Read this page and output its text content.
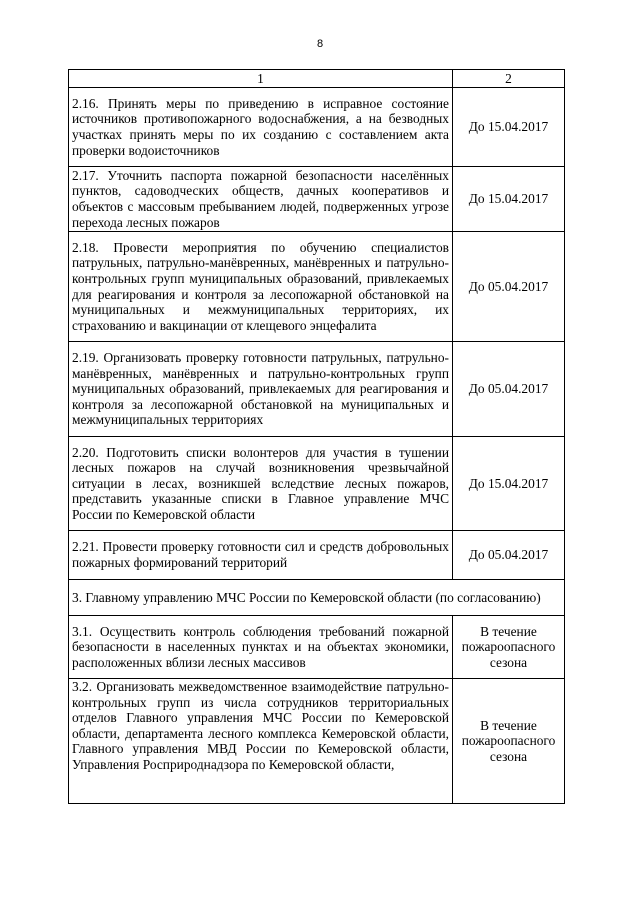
8
1	2
2.16. Принять меры по приведению в исправное состояние источников противопожарного водоснабжения, а на безводных участках принять меры по их созданию с составлением акта проверки водоисточников	До 15.04.2017
2.17. Уточнить паспорта пожарной безопасности населённых пунктов, садоводческих обществ, дачных кооперативов и объектов с массовым пребыванием людей, подверженных угрозе перехода лесных пожаров	До 15.04.2017
2.18. Провести мероприятия по обучению специалистов патрульных, патрульно-манёвренных, манёвренных и патрульно-контрольных групп муниципальных образований, привлекаемых для реагирования и контроля за лесопожарной обстановкой на муниципальных и межмуниципальных территориях, их страхованию и вакцинации от клещевого энцефалита	До 05.04.2017
2.19. Организовать проверку готовности патрульных, патрульно-манёвренных, манёвренных и патрульно-контрольных групп муниципальных образований, привлекаемых для реагирования и контроля за лесопожарной обстановкой на муниципальных и межмуниципальных территориях	До 05.04.2017
2.20. Подготовить списки волонтеров для участия в тушении лесных пожаров на случай возникновения чрезвычайной ситуации в лесах, возникшей вследствие лесных пожаров, представить указанные списки в Главное управление МЧС России по Кемеровской области	До 15.04.2017
2.21. Провести проверку готовности сил и средств добровольных пожарных формирований территорий	До 05.04.2017
3. Главному управлению МЧС России по Кемеровской области (по согласованию)	
3.1. Осуществить контроль соблюдения требований пожарной безопасности в населенных пунктах и на объектах экономики, расположенных вблизи лесных массивов	В течение пожароопасного сезона
3.2. Организовать межведомственное взаимодействие патрульно-контрольных групп из числа сотрудников территориальных отделов Главного управления МЧС России по Кемеровской области, департамента лесного комплекса Кемеровской области, Главного управления МВД России по Кемеровской области, Управления Росприроднадзора по Кемеровской области,	В течение пожароопасного сезона
